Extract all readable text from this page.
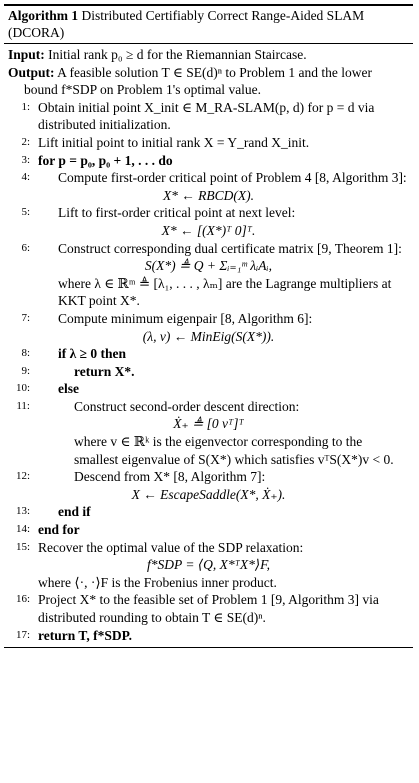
Algorithm 1 Distributed Certifiably Correct Range-Aided SLAM (DCORA)
Input: Initial rank p₀ ≥ d for the Riemannian Staircase.
Output: A feasible solution T ∈ SE(d)ⁿ to Problem 1 and the lower bound f*SDP on Problem 1's optimal value.
1: Obtain initial point X_init ∈ M_RA-SLAM(p, d) for p = d via distributed initialization.
2: Lift initial point to initial rank X = Y_rand X_init.
3: for p = p₀, p₀ + 1, . . . do
4: Compute first-order critical point of Problem 4 [8, Algorithm 3]:
X* ← RBCD(X).
5: Lift to first-order critical point at next level:
X* ← [(X*)ᵀ 0]ᵀ.
6: Construct corresponding dual certificate matrix [9, Theorem 1]:
S(X*) ≜ Q + Σᵢ₌₁ᵐ λᵢAᵢ,
where λ ∈ ℝᵐ ≜ [λ₁, . . . , λₘ] are the Lagrange multipliers at KKT point X*.
7: Compute minimum eigenpair [8, Algorithm 6]:
(λ, v) ← MinEig(S(X*)).
8: if λ ≥ 0 then
9:	return X*.
10: else
11:	Construct second-order descent direction:
Ẋ₊ ≜ [0 vᵀ]ᵀ
where v ∈ ℝᵏ is the eigenvector corresponding to the smallest eigenvalue of S(X*) which satisfies vᵀS(X*)v < 0.
12:	Descend from X* [8, Algorithm 7]:
X ← EscapeSaddle(X*, Ẋ₊).
13: end if
14: end for
15: Recover the optimal value of the SDP relaxation:
f*SDP = ⟨Q, X*ᵀX*⟩F,
where ⟨·, ·⟩F is the Frobenius inner product.
16: Project X* to the feasible set of Problem 1 [9, Algorithm 3] via distributed rounding to obtain T ∈ SE(d)ⁿ.
17: return T, f*SDP.
